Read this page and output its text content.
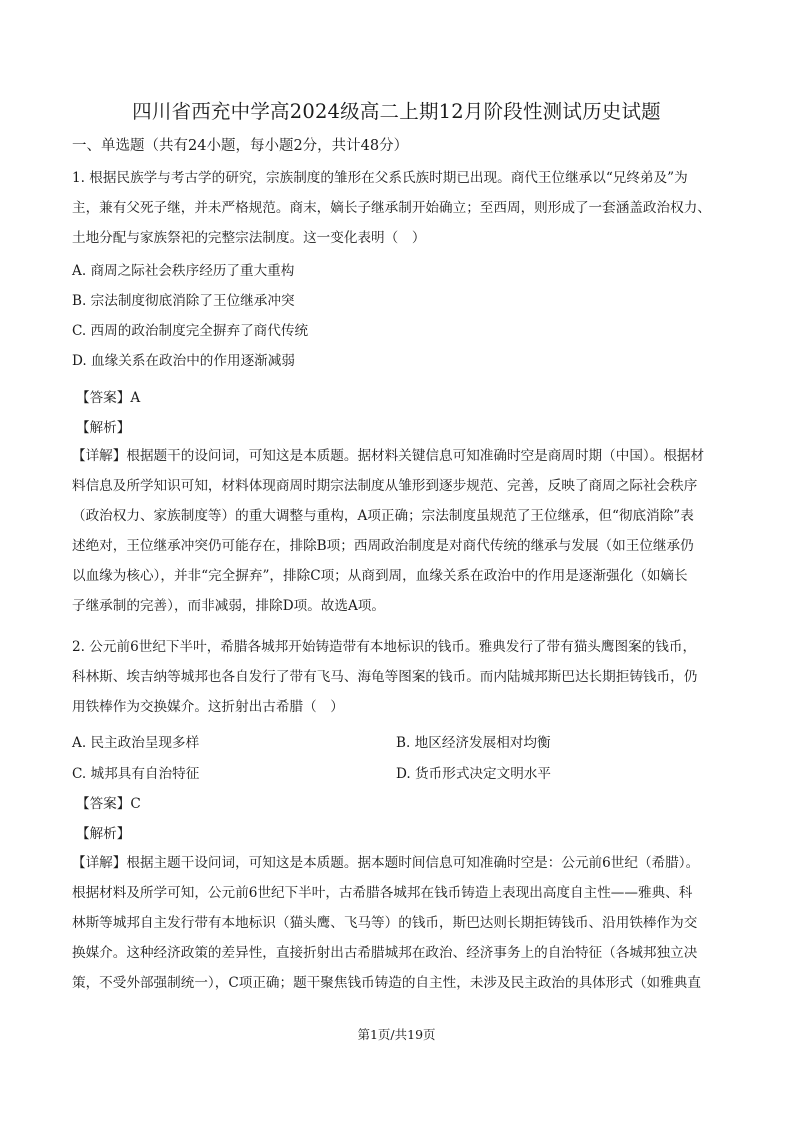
四川省西充中学高2024级高二上期12月阶段性测试历史试题
一、单选题（共有24小题，每小题2分，共计48分）

1. 根据民族学与考古学的研究，宗族制度的雏形在父系氏族时期已出现。商代王位继承以“兄终弟及”为

主，兼有父死子继，并未严格规范。商末，嫡长子继承制开始确立；至西周，则形成了一套涵盖政治权力、

土地分配与家族祭祀的完整宗法制度。这一变化表明（　）

A. 商周之际社会秩序经历了重大重构

B. 宗法制度彻底消除了王位继承冲突

C. 西周的政治制度完全摒弃了商代传统

D. 血缘关系在政治中的作用逐渐减弱

【答案】A
【解析】

【详解】根据题干的设问词，可知这是本质题。据材料关键信息可知准确时空是商周时期（中国）。根据材

料信息及所学知识可知，材料体现商周时期宗法制度从雏形到逐步规范、完善，反映了商周之际社会秩序

（政治权力、家族制度等）的重大调整与重构，A项正确；宗法制度虽规范了王位继承，但“彻底消除”表

述绝对，王位继承冲突仍可能存在，排除B项；西周政治制度是对商代传统的继承与发展（如王位继承仍

以血缘为核心），并非“完全摒弃”，排除C项；从商到周，血缘关系在政治中的作用是逐渐强化（如嫡长

子继承制的完善），而非减弱，排除D项。故选A项。

2. 公元前6世纪下半叶，希腊各城邦开始铸造带有本地标识的钱币。雅典发行了带有猫头鹰图案的钱币，

科林斯、埃吉纳等城邦也各自发行了带有飞马、海龟等图案的钱币。而内陆城邦斯巴达长期拒铸钱币，仍

用铁棒作为交换媒介。这折射出古希腊（　）

A. 民主政治呈现多样	B. 地区经济发展相对均衡
C. 城邦具有自治特征	D. 货币形式决定文明水平
【答案】C
【解析】

【详解】根据主题干设问词，可知这是本质题。据本题时间信息可知准确时空是：公元前6世纪（希腊）。

根据材料及所学可知，公元前6世纪下半叶，古希腊各城邦在钱币铸造上表现出高度自主性——雅典、科

林斯等城邦自主发行带有本地标识（猫头鹰、飞马等）的钱币，斯巴达则长期拒铸钱币、沿用铁棒作为交

换媒介。这种经济政策的差异性，直接折射出古希腊城邦在政治、经济事务上的自治特征（各城邦独立决

策，不受外部强制统一），C项正确；题干聚焦钱币铸造的自主性，未涉及民主政治的具体形式（如雅典直

第1页/共19页
